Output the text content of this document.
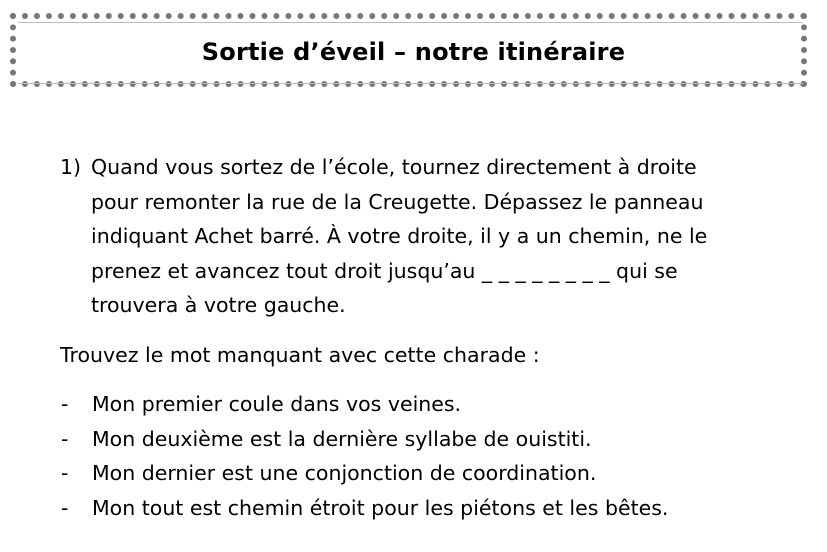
Sortie d’éveil – notre itinéraire
1) Quand vous sortez de l’école, tournez directement à droite
pour remonter la rue de la Creugette. Dépassez le panneau
indiquant Achet barré. À votre droite, il y a un chemin, ne le
prenez et avancez tout droit jusqu’au _ _ _ _ _ _ _ _ qui se
trouvera à votre gauche.
Trouvez le mot manquant avec cette charade :
- Mon premier coule dans vos veines.
- Mon deuxième est la dernière syllabe de ouistiti.
- Mon dernier est une conjonction de coordination.
- Mon tout est chemin étroit pour les piétons et les bêtes.
